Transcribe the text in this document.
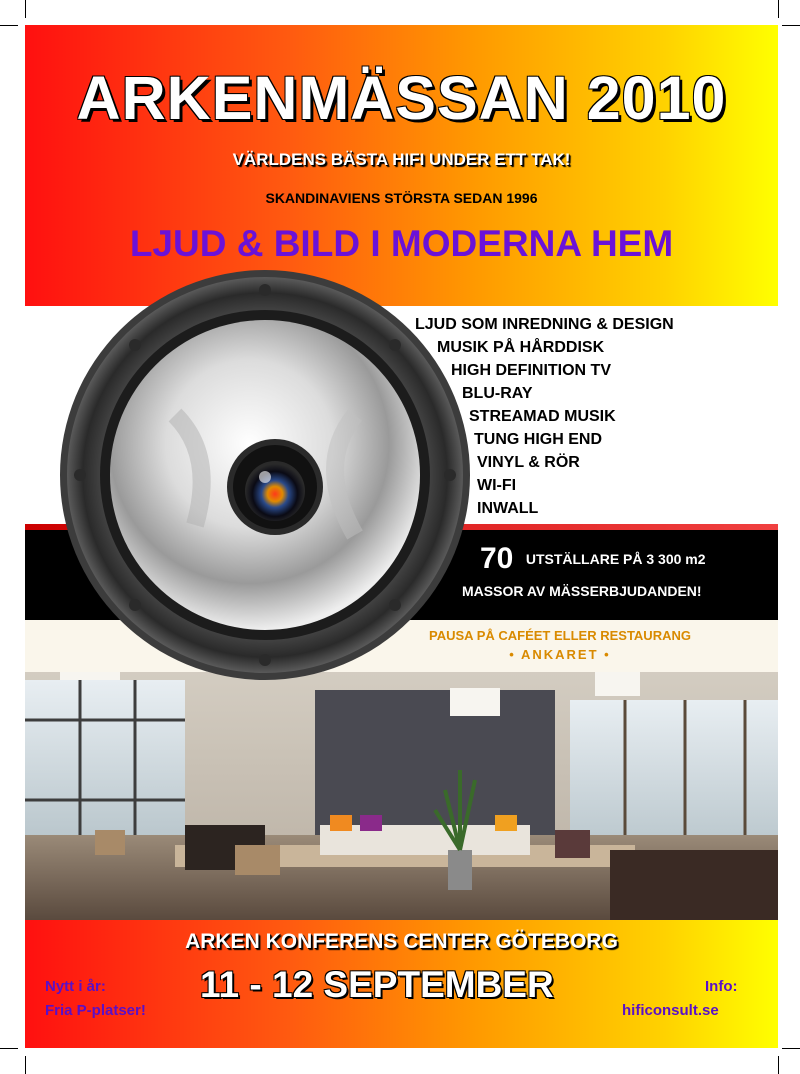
ARKENMÄSSAN 2010
VÄRLDENS BÄSTA HIFI UNDER ETT TAK!
SKANDINAVIENS STÖRSTA SEDAN 1996
LJUD & BILD I MODERNA HEM
LJUD SOM INREDNING & DESIGN
MUSIK PÅ HÅRDDISK
HIGH DEFINITION TV
BLU-RAY
STREAMAD MUSIK
TUNG HIGH END
VINYL & RÖR
WI-FI
INWALL
70 UTSTÄLLARE PÅ 3 300 m2
MASSOR AV MÄSSERBJUDANDEN!
PAUSA PÅ CAFÉET ELLER RESTAURANG
• ANKARET •
ARKEN KONFERENS CENTER GÖTEBORG
11 - 12 SEPTEMBER
Nytt i år:
Fria P-platser!
Info:
hificonsult.se
